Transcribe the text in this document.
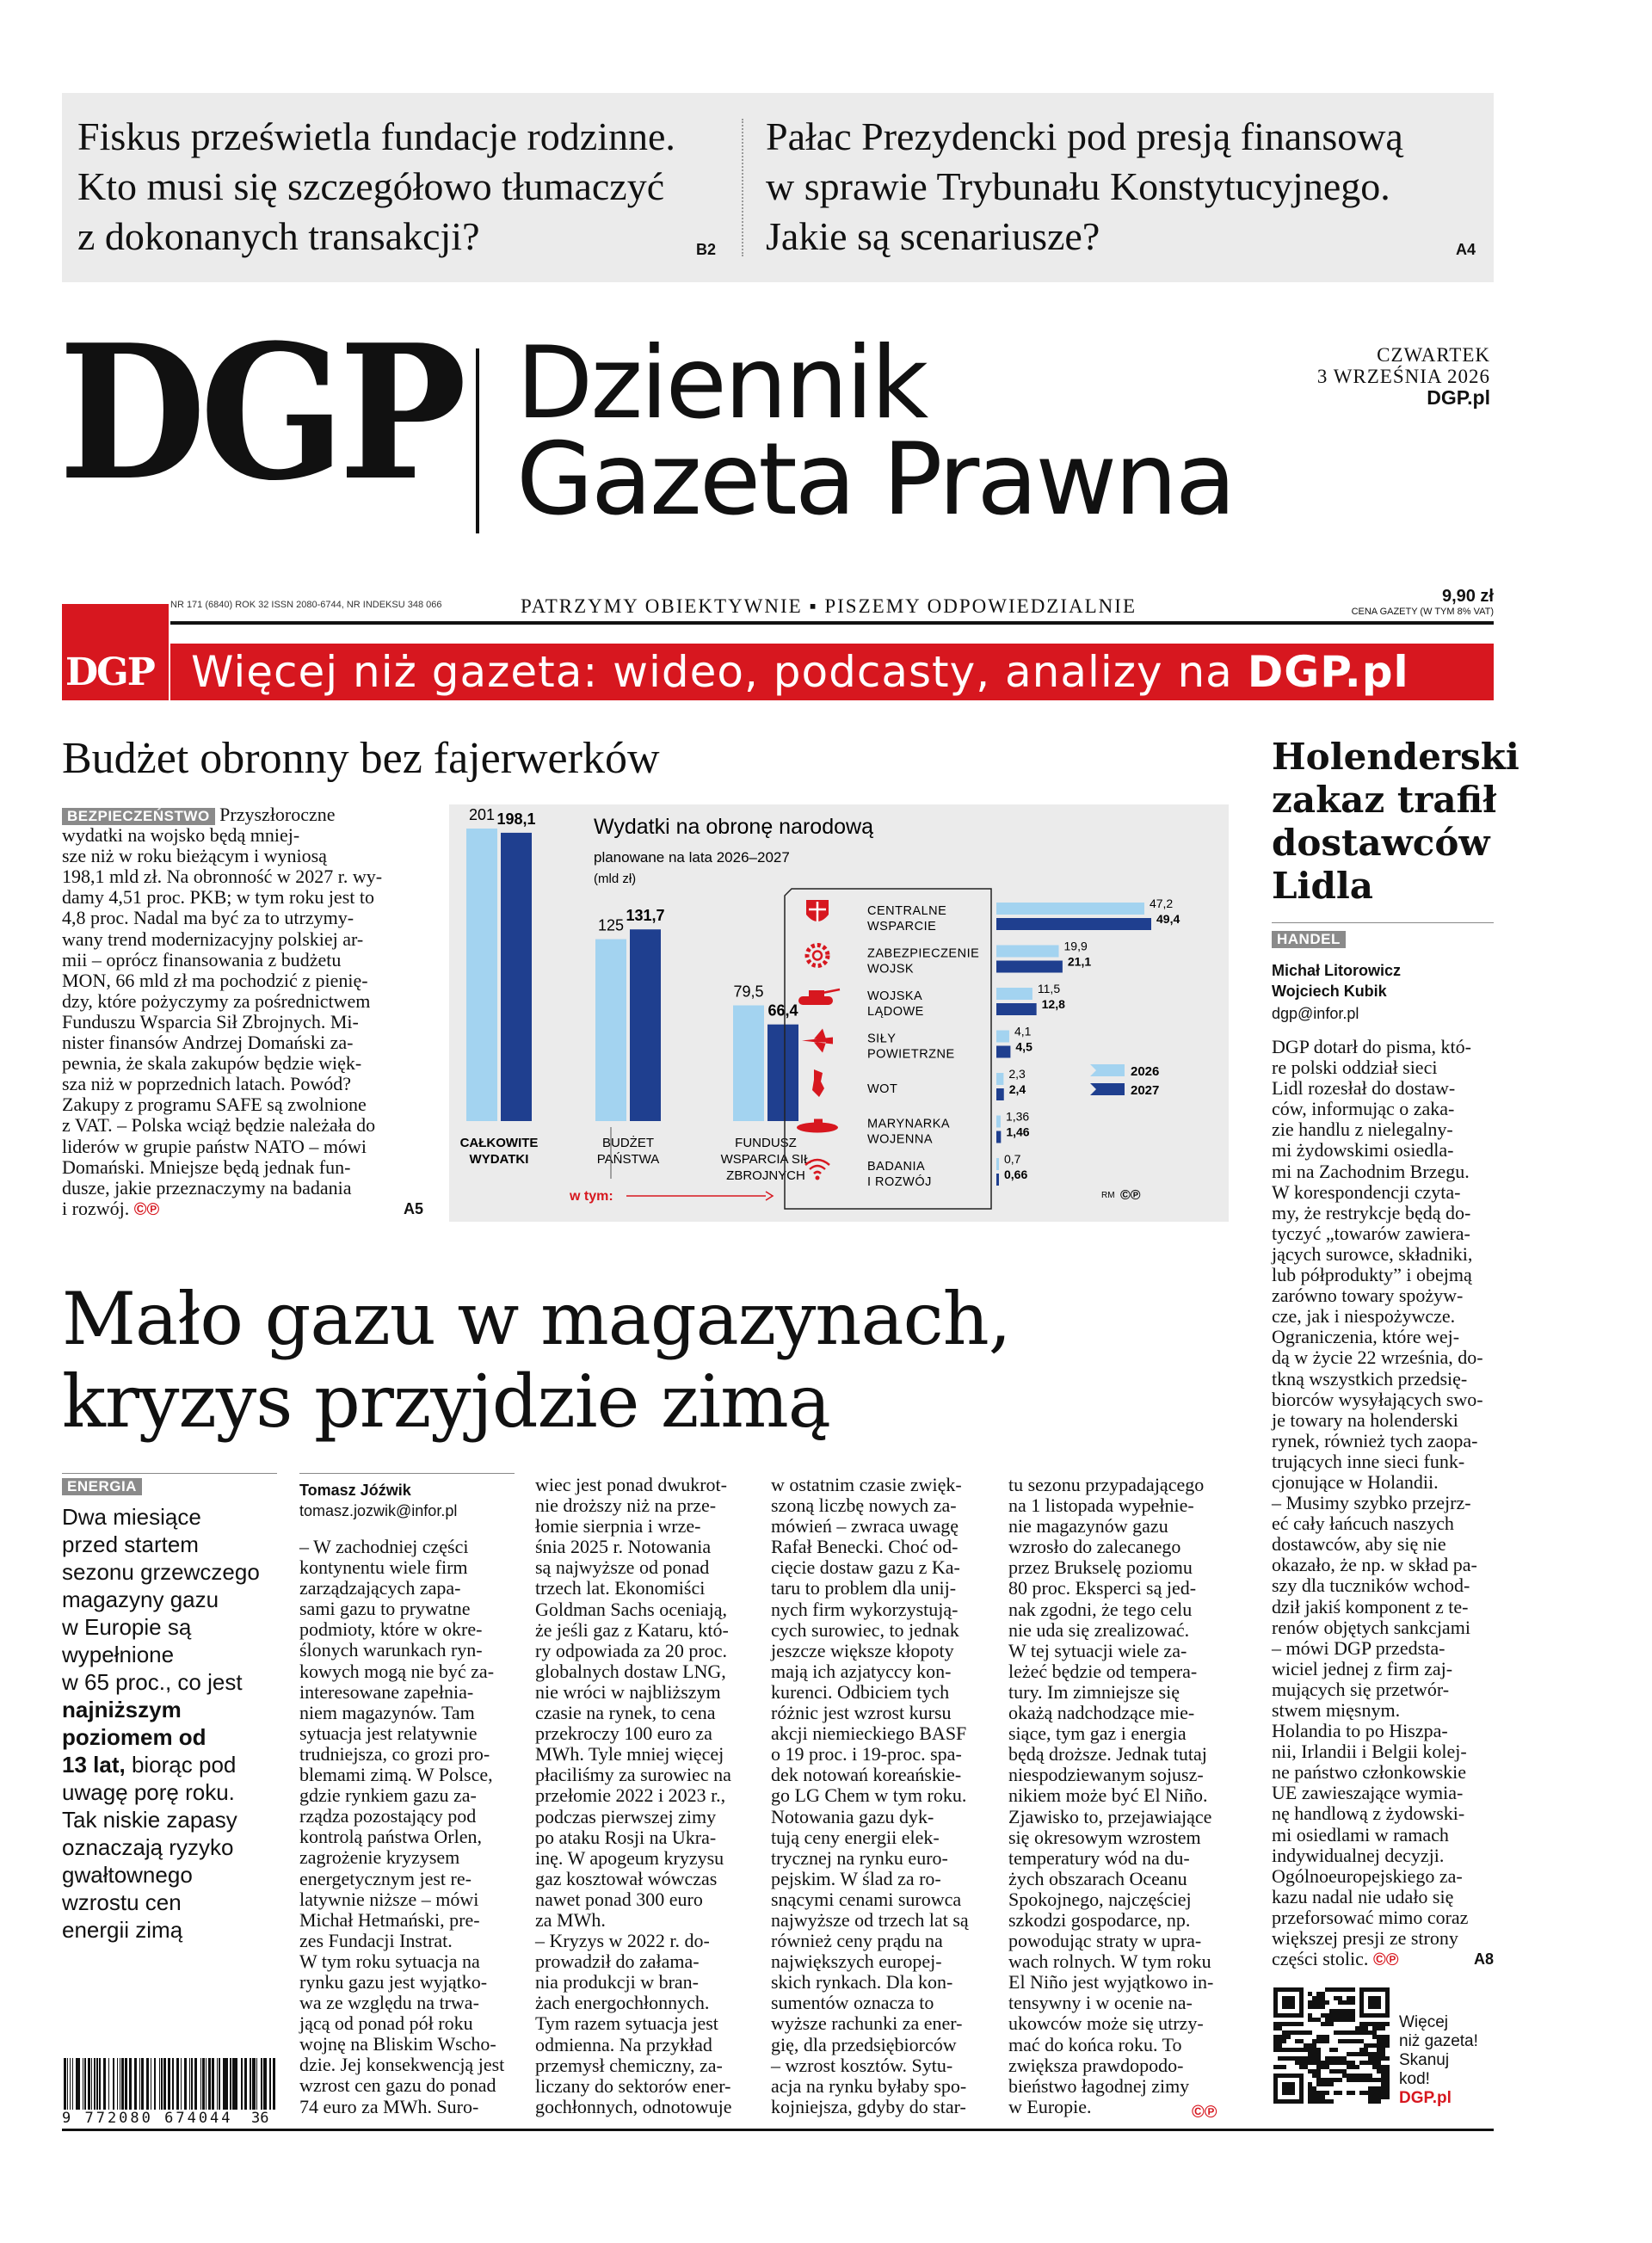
Fiskus prześwietla fundacje rodzinne.
Kto musi się szczegółowo tłumaczyć
z dokonanych transakcji?	B2
Pałac Prezydencki pod presją finansową
w sprawie Trybunału Konstytucyjnego.
Jakie są scenariusze?	A4
DGP Dziennik
Gazeta Prawna
CZWARTEK
3 WRZEŚNIA 2026
DGP.pl
NR 171 (6840) ROK 32 ISSN 2080-6744, NR INDEKSU 348 066	PATRZYMY OBIEKTYWNIE ▪ PISZEMY ODPOWIEDZIALNIE	9,90 zł
CENA GAZETY (W TYM 8% VAT)
DGP Więcej niż gazeta: wideo, podcasty, analizy na DGP.pl
Budżet obronny bez fajerwerków
BEZPIECZEŃSTWO Przyszłoroczne
wydatki na wojsko będą mniej-
sze niż w roku bieżącym i wyniosą
198,1 mld zł. Na obronność w 2027 r. wy-
damy 4,51 proc. PKB; w tym roku jest to
4,8 proc. Nadal ma być za to utrzymy-
wany trend modernizacyjny polskiej ar-
mii – oprócz finansowania z budżetu
MON, 66 mld zł ma pochodzić z pienię-
dzy, które pożyczymy za pośrednictwem
Funduszu Wsparcia Sił Zbrojnych. Mi-
nister finansów Andrzej Domański za-
pewnia, że skala zakupów będzie więk-
sza niż w poprzednich latach. Powód?
Zakupy z programu SAFE są zwolnione
z VAT. – Polska wciąż będzie należała do
liderów w grupie państw NATO – mówi
Domański. Mniejsze będą jednak fun-
dusze, jakie przeznaczymy na badania
i rozwój. ©℗	A5
Wydatki na obronę narodową
planowane na lata 2026–2027
(mld zł)
201
125
79,5
198,1
131,7
66,4
CAŁKOWITE
WYDATKI
BUDŻET
PAŃSTWA
FUNDUSZ
WSPARCIA SIŁ
ZBROJNYCH
w tym:
CENTRALNE
WSPARCIE
47,2
49,4
ZABEZPIECZENIE
WOJSK
19,9
21,1
WOJSKA
LĄDOWE
11,5
12,8
SIŁY
POWIETRZNE
4,1
4,5
WOT
2,3
2,4
MARYNARKA
WOJENNA
1,36
1,46
BADANIA
I ROZWÓJ
0,7
0,66
2026
2027
RM ©℗
Holenderski
zakaz trafił
dostawców
Lidla
HANDEL
Michał Litorowicz
Wojciech Kubik
dgp@infor.pl
DGP dotarł do pisma, któ-
re polski oddział sieci
Lidl rozesłał do dostaw-
ców, informując o zaka-
zie handlu z nielegalny-
mi żydowskimi osiedla-
mi na Zachodnim Brzegu.
W korespondencji czyta-
my, że restrykcje będą do-
tyczyć „towarów zawiera-
jących surowce, składniki,
lub półprodukty” i obejmą
zarówno towary spożyw-
cze, jak i niespożywcze.
Ograniczenia, które wej-
dą w życie 22 września, do-
tkną wszystkich przedsię-
biorców wysyłających swo-
je towary na holenderski
rynek, również tych zaopa-
trujących inne sieci funk-
cjonujące w Holandii.
– Musimy szybko przejrz-
eć cały łańcuch naszych
dostawców, aby się nie
okazało, że np. w skład pa-
szy dla tuczników wchod-
dził jakiś komponent z te-
renów objętych sankcjami
– mówi DGP przedsta-
wiciel jednej z firm zaj-
mujących się przetwór-
stwem mięsnym.
Holandia to po Hiszpa-
nii, Irlandii i Belgii kolej-
ne państwo członkowskie
UE zawieszające wymia-
nę handlową z żydowski-
mi osiedlami w ramach
indywidualnej decyzji.
Ogólnoeuropejskiego za-
kazu nadal nie udało się
przeforsować mimo coraz
większej presji ze strony
części stolic. ©℗	A8
Więcej
niż gazeta!
Skanuj
kod!
DGP.pl
Mało gazu w magazynach,
kryzys przyjdzie zimą
ENERGIA
Dwa miesiące
przed startem
sezonu grzewczego
magazyny gazu
w Europie są
wypełnione
w 65 proc., co jest
najniższym
poziomem od
13 lat, biorąc pod
uwagę porę roku.
Tak niskie zapasy
oznaczają ryzyko
gwałtownego
wzrostu cen
energii zimą
Tomasz Jóźwik
tomasz.jozwik@infor.pl
– W zachodniej części
kontynentu wiele firm
zarządzających zapa-
sami gazu to prywatne
podmioty, które w okre-
ślonych warunkach ryn-
kowych mogą nie być za-
interesowane zapełnia-
niem magazynów. Tam
sytuacja jest relatywnie
trudniejsza, co grozi pro-
blemami zimą. W Polsce,
gdzie rynkiem gazu za-
rządza pozostający pod
kontrolą państwa Orlen,
zagrożenie kryzysem
energetycznym jest re-
latywnie niższe – mówi
Michał Hetmański, pre-
zes Fundacji Instrat.
W tym roku sytuacja na
rynku gazu jest wyjątko-
wa ze względu na trwa-
jącą od ponad pół roku
wojnę na Bliskim Wscho-
dzie. Jej konsekwencją jest
wzrost cen gazu do ponad
74 euro za MWh. Suro-
wiec jest ponad dwukrot-
nie droższy niż na prze-
łomie sierpnia i wrze-
śnia 2025 r. Notowania
są najwyższe od ponad
trzech lat. Ekonomiści
Goldman Sachs oceniają,
że jeśli gaz z Kataru, któ-
ry odpowiada za 20 proc.
globalnych dostaw LNG,
nie wróci w najbliższym
czasie na rynek, to cena
przekroczy 100 euro za
MWh. Tyle mniej więcej
płaciliśmy za surowiec na
przełomie 2022 i 2023 r.,
podczas pierwszej zimy
po ataku Rosji na Ukra-
inę. W apogeum kryzysu
gaz kosztował wówczas
nawet ponad 300 euro
za MWh.
– Kryzys w 2022 r. do-
prowadził do załama-
nia produkcji w bran-
żach energochłonnych.
Tym razem sytuacja jest
odmienna. Na przykład
przemysł chemiczny, za-
liczany do sektorów ener-
gochłonnych, odnotowuje
w ostatnim czasie zwięk-
szoną liczbę nowych za-
mówień – zwraca uwagę
Rafał Benecki. Choć od-
cięcie dostaw gazu z Ka-
taru to problem dla unij-
nych firm wykorzystują-
cych surowiec, to jednak
jeszcze większe kłopoty
mają ich azjatyccy kon-
kurenci. Odbiciem tych
różnic jest wzrost kursu
akcji niemieckiego BASF
o 19 proc. i 19-proc. spa-
dek notowań koreańskie-
go LG Chem w tym roku.
Notowania gazu dyk-
tują ceny energii elek-
trycznej na rynku euro-
pejskim. W ślad za ro-
snącymi cenami surowca
najwyższe od trzech lat są
również ceny prądu na
największych europej-
skich rynkach. Dla kon-
sumentów oznacza to
wyższe rachunki za ener-
gię, dla przedsiębiorców
– wzrost kosztów. Sytu-
acja na rynku byłaby spo-
kojniejsza, gdyby do star-
tu sezonu przypadającego
na 1 listopada wypełnie-
nie magazynów gazu
wzrosło do zalecanego
przez Brukselę poziomu
80 proc. Eksperci są jed-
nak zgodni, że tego celu
nie uda się zrealizować.
W tej sytuacji wiele za-
leżeć będzie od tempera-
tury. Im zimniejsze się
okażą nadchodzące mie-
siące, tym gaz i energia
będą droższe. Jednak tutaj
niespodziewanym sojusz-
nikiem może być El Niño.
Zjawisko to, przejawiające
się okresowym wzrostem
temperatury wód na du-
żych obszarach Oceanu
Spokojnego, najczęściej
szkodzi gospodarce, np.
powodując straty w upra-
wach rolnych. W tym roku
El Niño jest wyjątkowo in-
tensywny i w ocenie na-
ukowców może się utrzy-
mać do końca roku. To
zwiększa prawdopodo-
bieństwo łagodnej zimy
w Europie.	©℗
9 772080 674044 36
